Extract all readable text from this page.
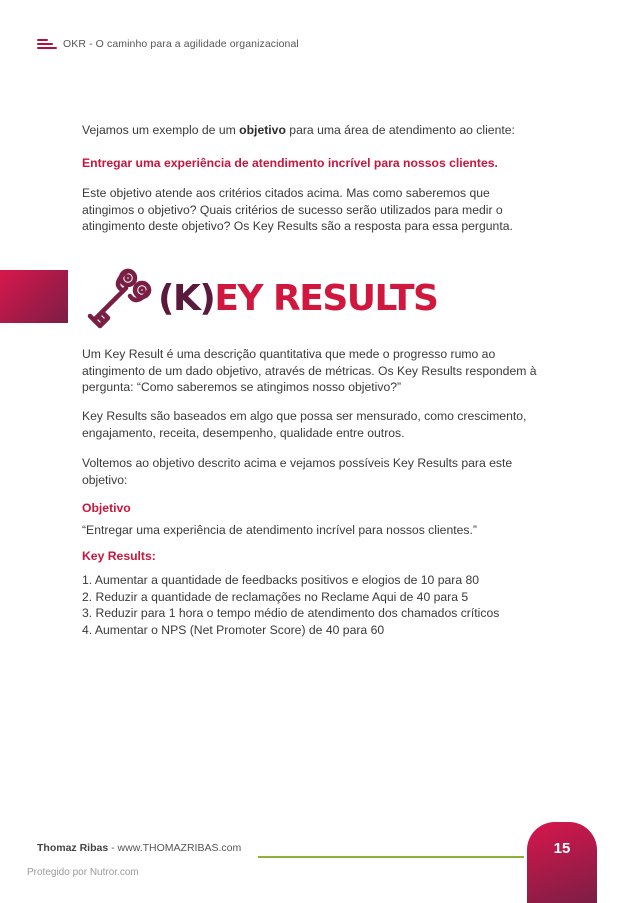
OKR - O caminho para a agilidade organizacional
Vejamos um exemplo de um objetivo para uma área de atendimento ao cliente:
Entregar uma experiência de atendimento incrível para nossos clientes.
Este objetivo atende aos critérios citados acima. Mas como saberemos que atingimos o objetivo? Quais critérios de sucesso serão utilizados para medir o atingimento deste objetivo? Os Key Results são a resposta para essa pergunta.
(K)EY RESULTS
Um Key Result é uma descrição quantitativa que mede o progresso rumo ao atingimento de um dado objetivo, através de métricas. Os Key Results respondem à pergunta: “Como saberemos se atingimos nosso objetivo?”
Key Results são baseados em algo que possa ser mensurado, como crescimento, engajamento, receita, desempenho, qualidade entre outros.
Voltemos ao objetivo descrito acima e vejamos possíveis Key Results para este objetivo:
Objetivo
“Entregar uma experiência de atendimento incrível para nossos clientes.”
Key Results:
1. Aumentar a quantidade de feedbacks positivos e elogios de 10 para 80
2. Reduzir a quantidade de reclamações no Reclame Aqui de 40 para 5
3. Reduzir para 1 hora o tempo médio de atendimento dos chamados críticos
4. Aumentar o NPS (Net Promoter Score) de 40 para 60
Thomaz Ribas - www.THOMAZRIBAS.com	15
Protegido por Nutror.com
